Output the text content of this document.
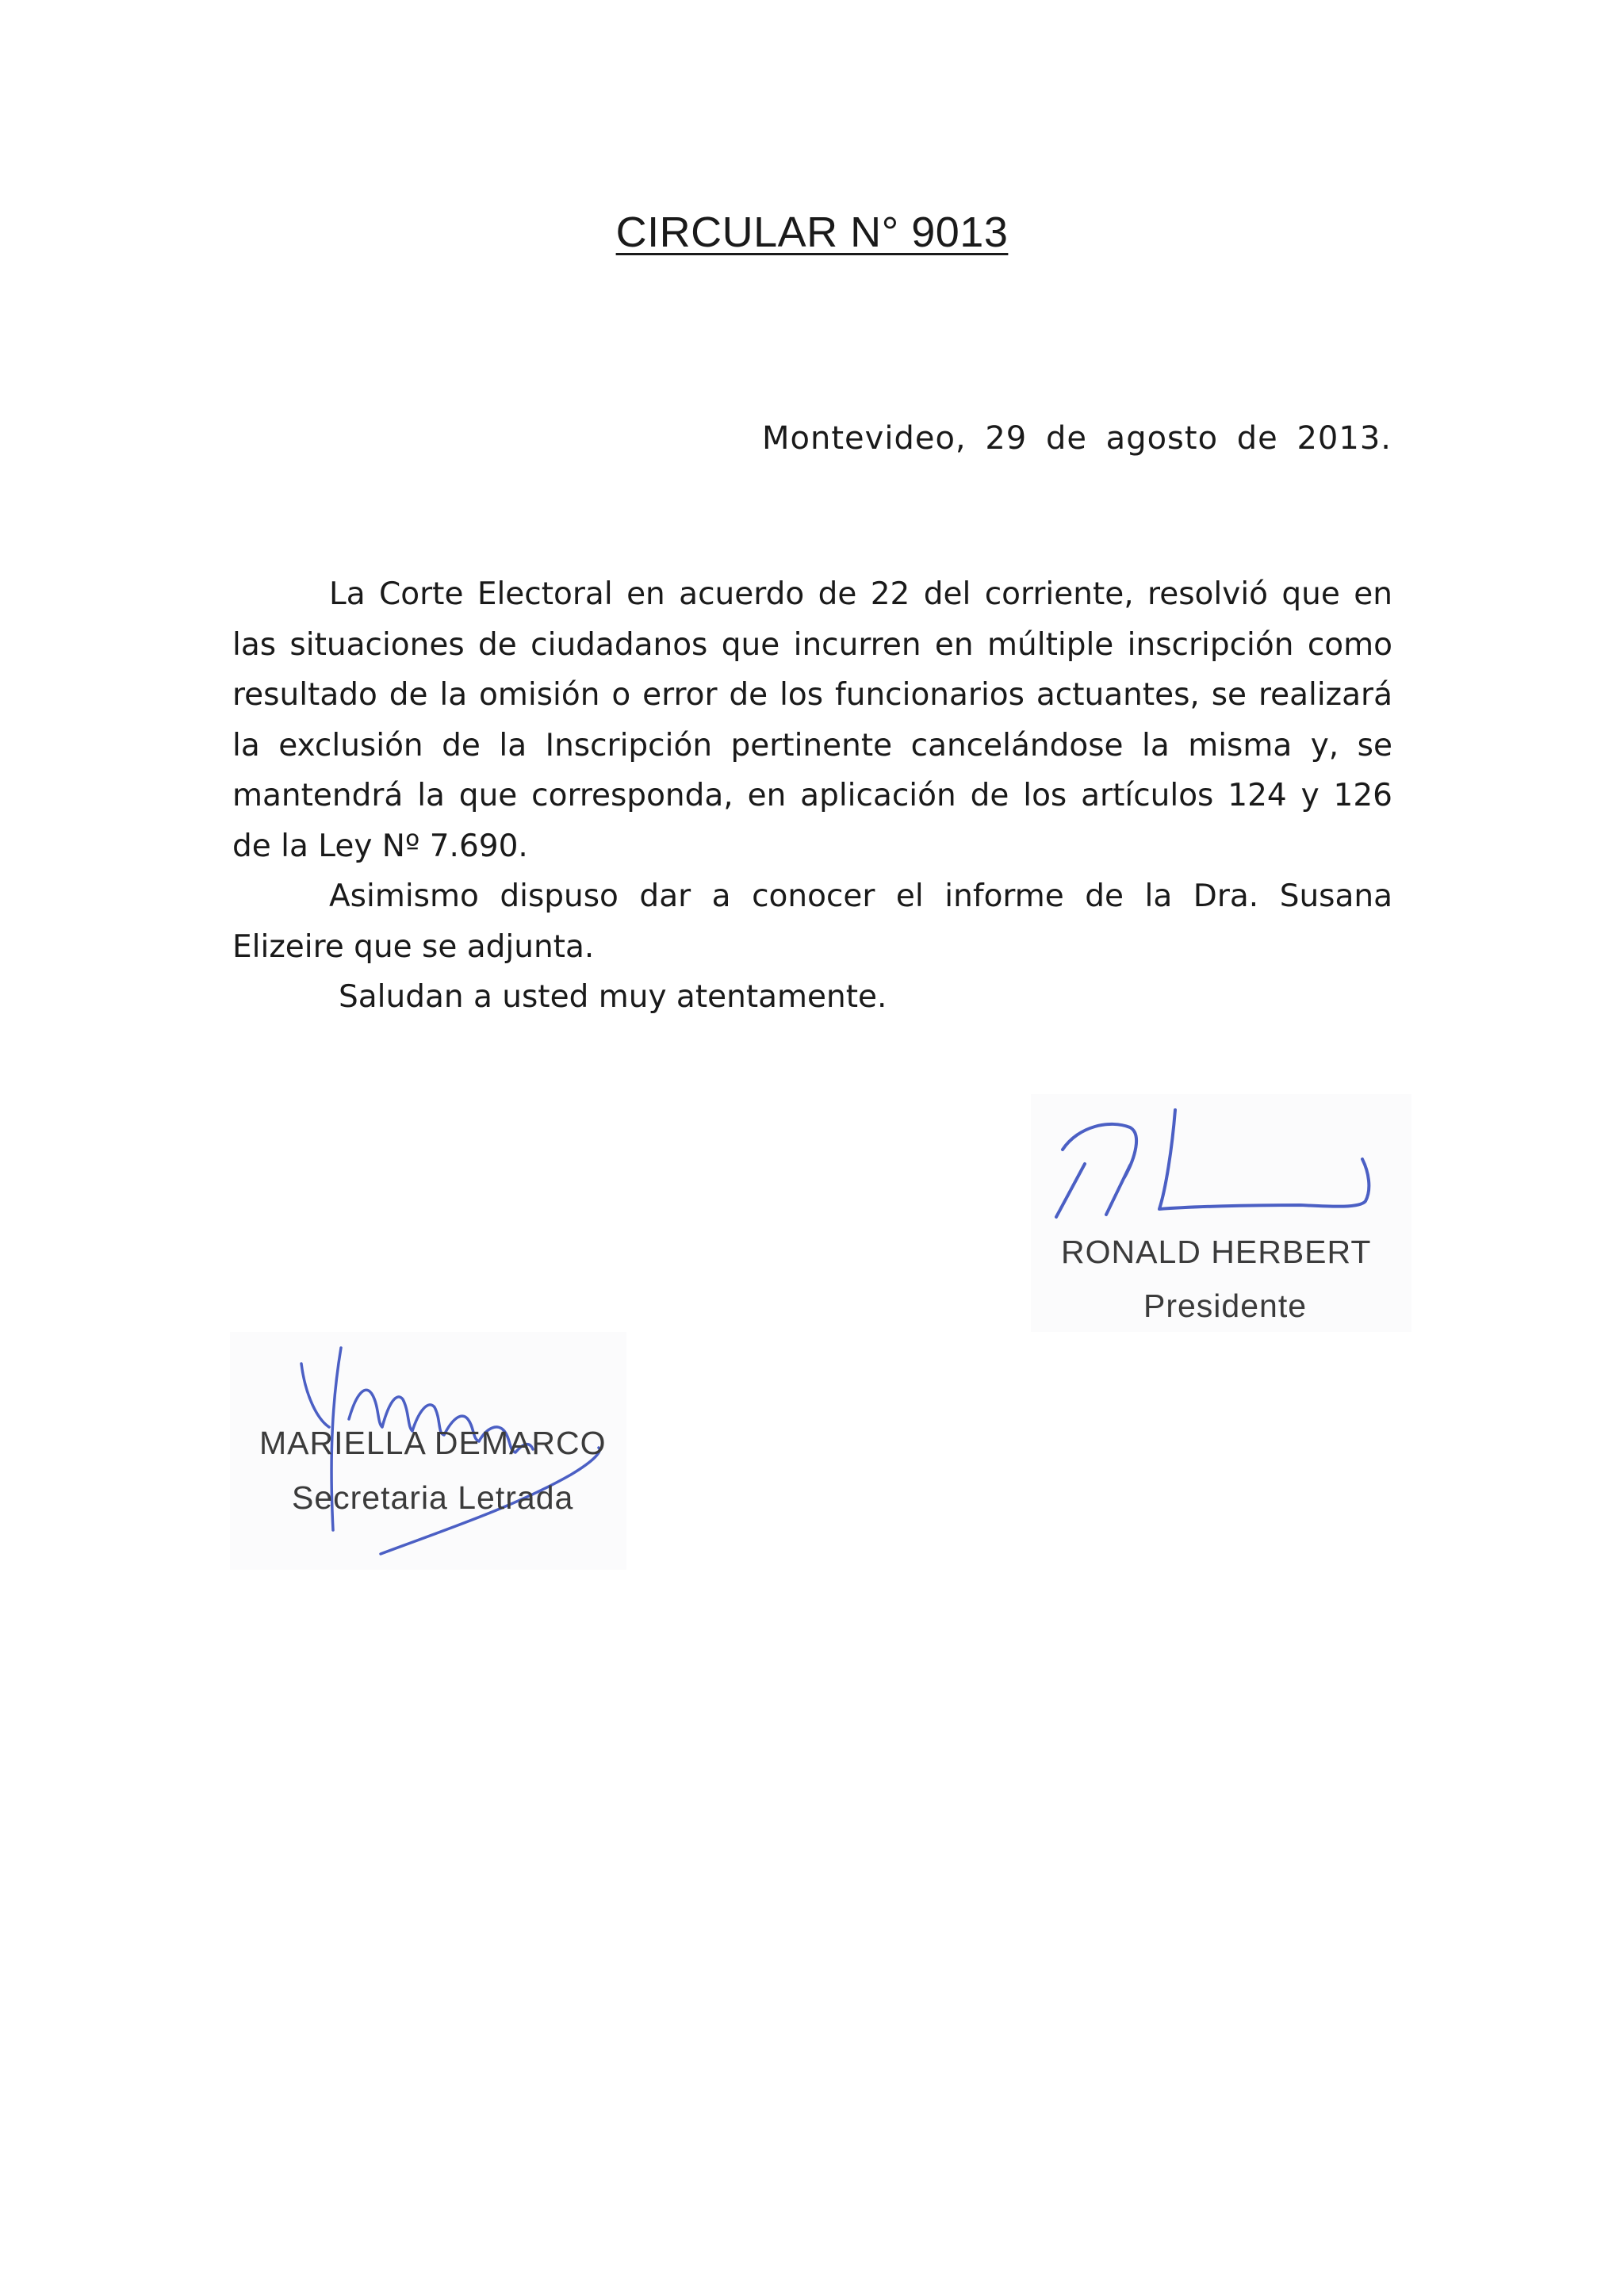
CIRCULAR N° 9013
Montevideo, 29 de agosto de 2013.

La Corte Electoral en acuerdo de 22 del corriente, resolvió que en las situaciones de ciudadanos que incurren en múltiple inscripción como resultado de la omisión o error de los funcionarios actuantes, se realizará la exclusión de la Inscripción pertinente cancelándose la misma y, se mantendrá la que corresponda, en aplicación de los artículos 124 y 126 de la Ley Nº 7.690.

Asimismo dispuso dar a conocer el informe de la Dra. Susana Elizeire que se adjunta.

Saludan a usted muy atentamente.

RONALD HERBERT
Presidente
MARIELLA DEMARCO
Secretaria Letrada
